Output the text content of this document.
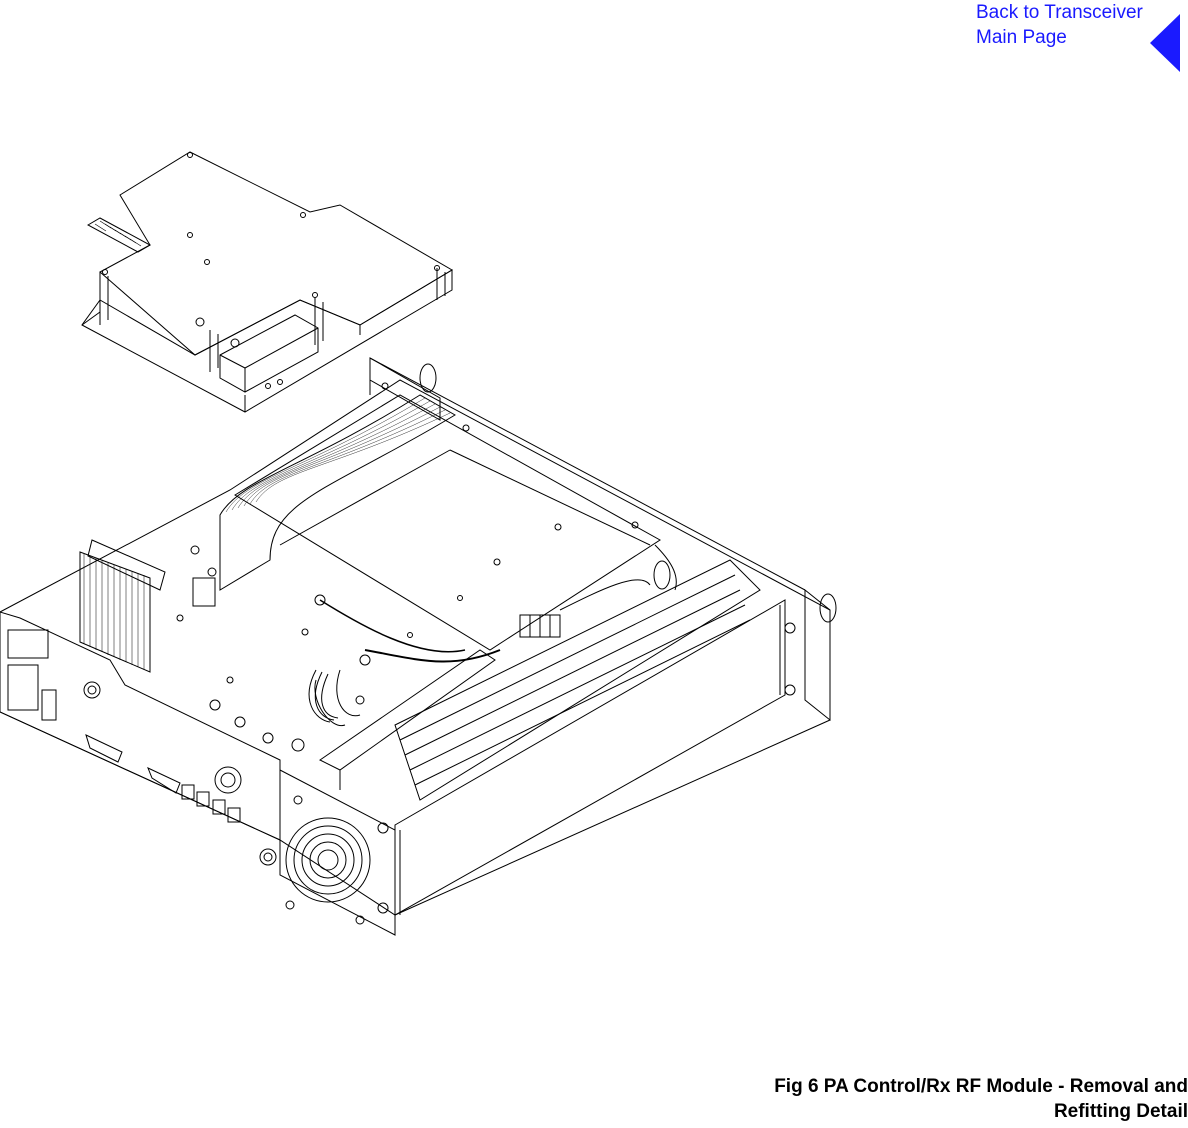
Back to Transceiver
Main Page
Fig 6 PA Control/Rx RF Module - Removal and
Refitting Detail
